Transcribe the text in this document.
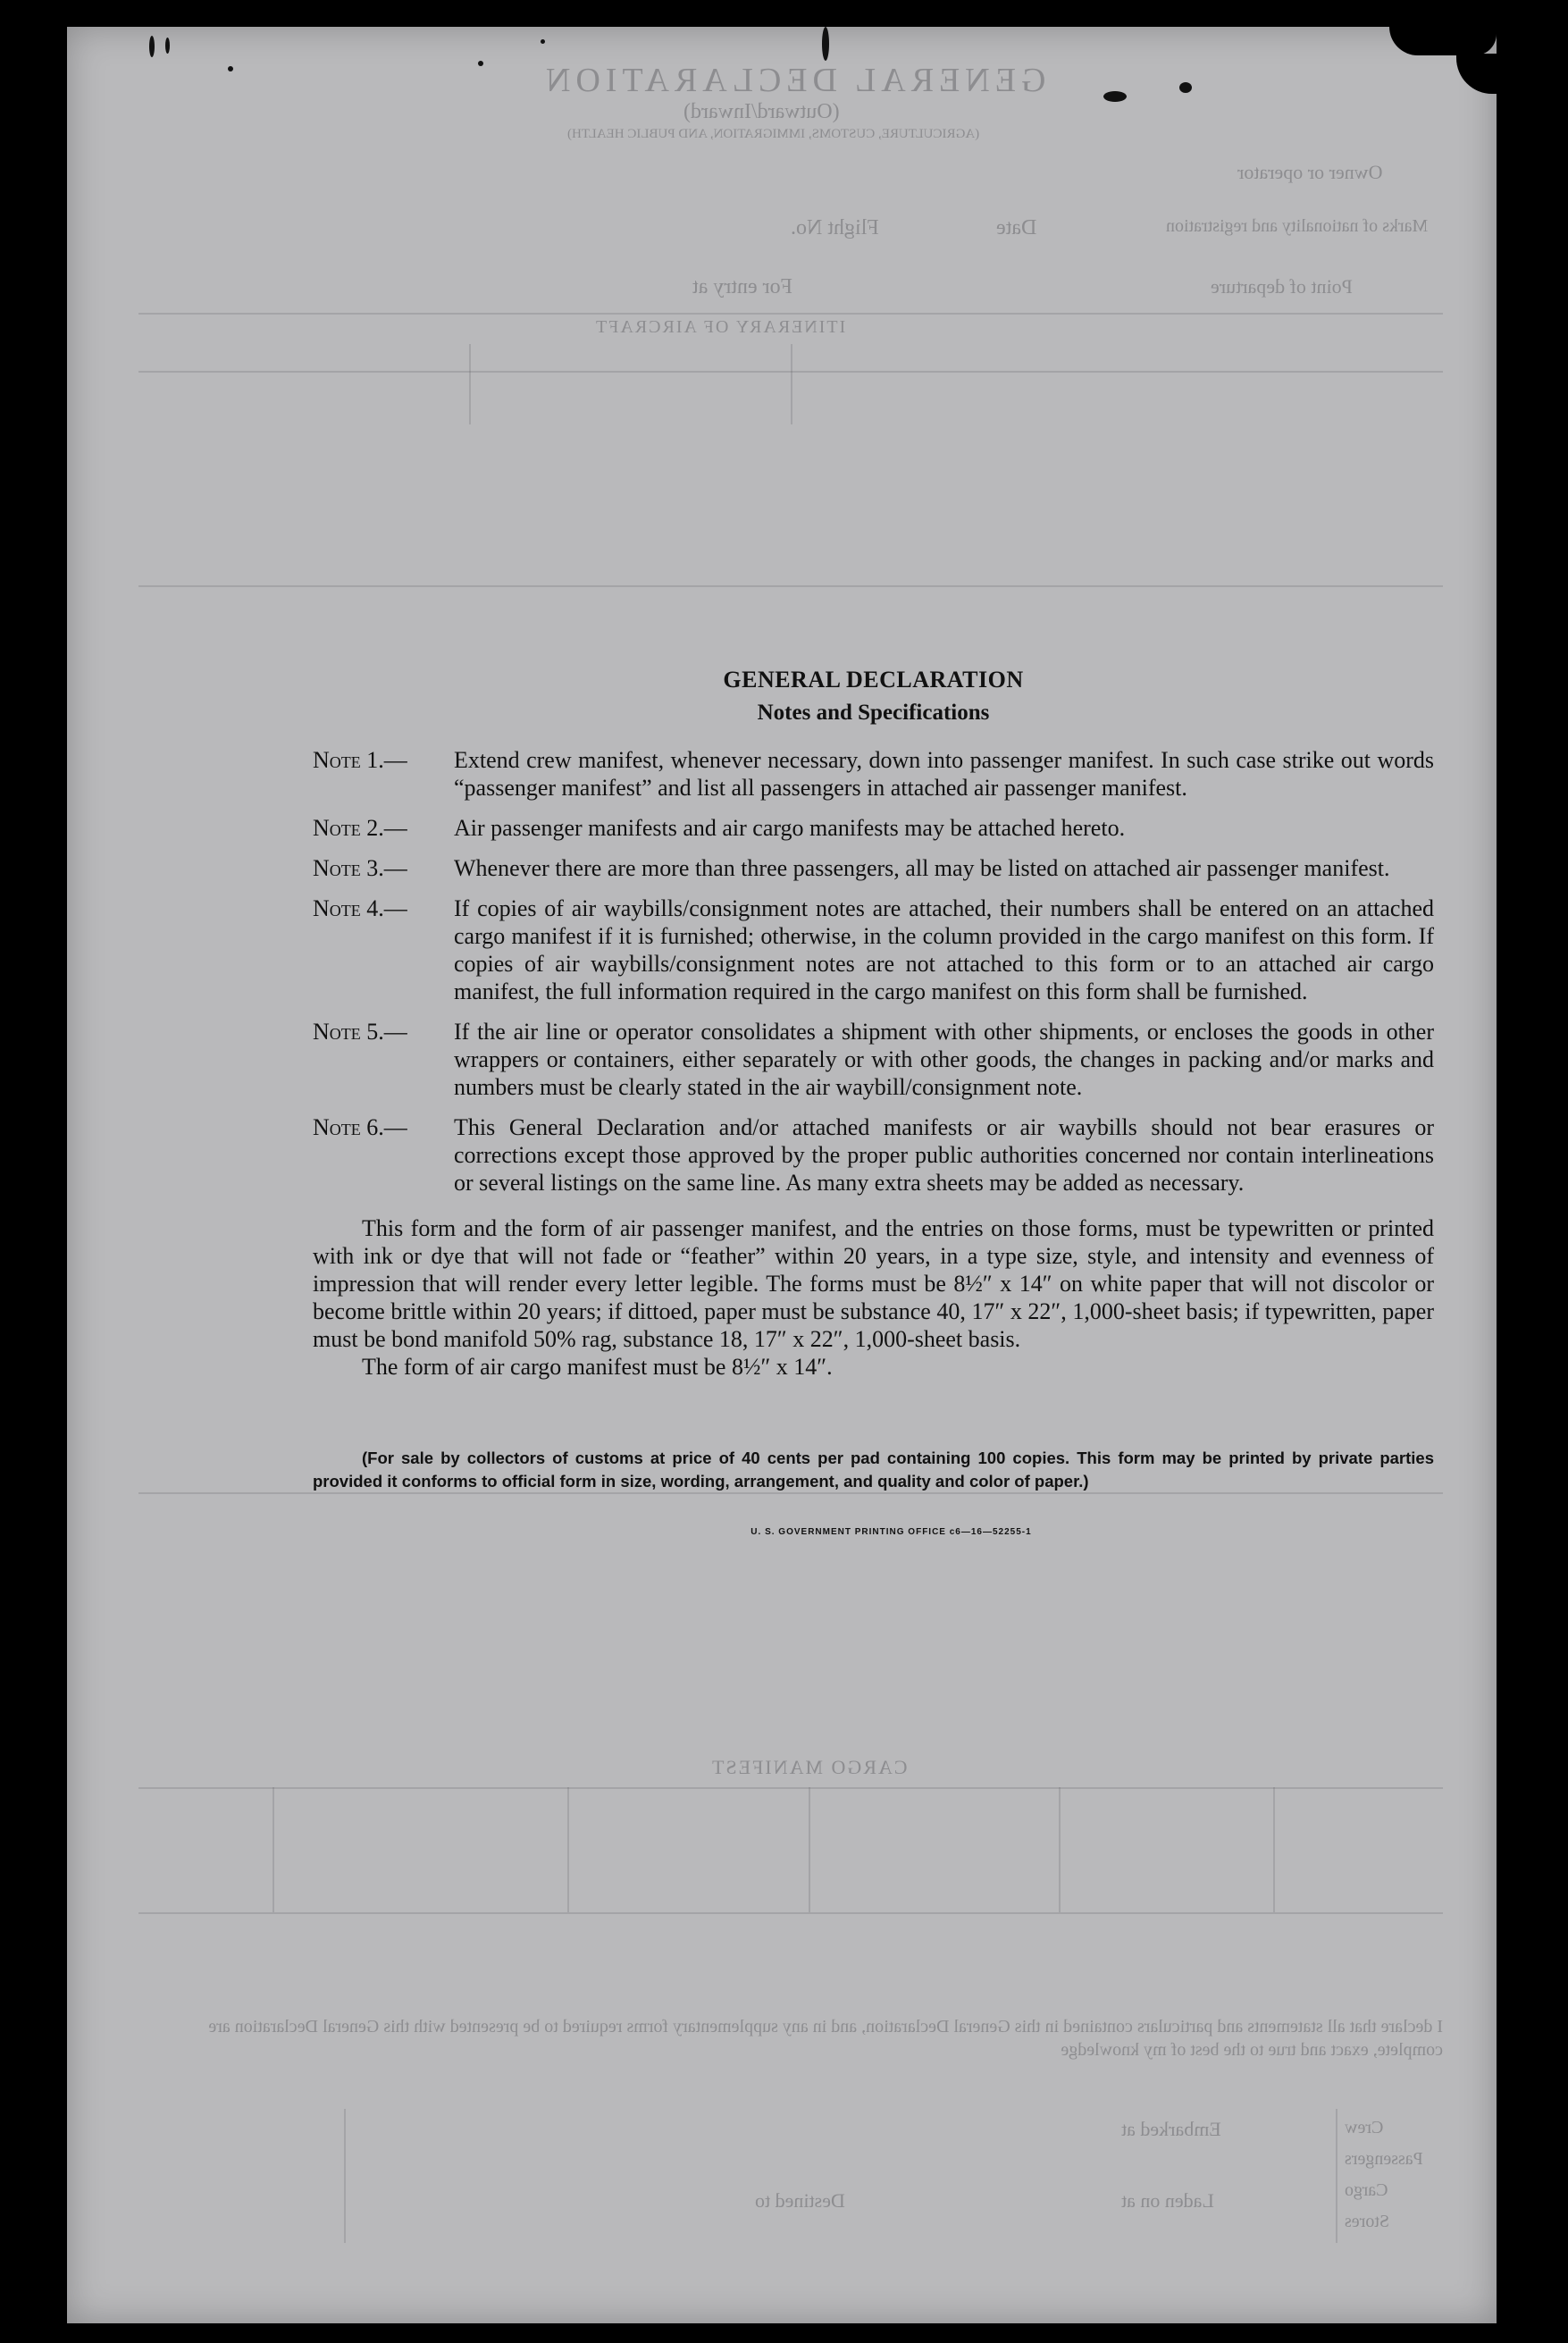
GENERAL DECLARATION
(Outward/Inward)
(AGRICULTURE, CUSTOMS, IMMIGRATION, AND PUBLIC HEALTH)
Owner or operator
Flight No.	Date	Marks of nationality and registration
Point of departure
For entry at
ITINERARY OF AIRCRAFT
CARGO MANIFEST
I declare that all statements and particulars contained in this General Declaration, and in any supplementary forms required to be presented with this General Declaration are complete, exact and true to the best of my knowledge
Embarked at
Destined to	Laden on at
Crew
Passengers
Cargo
Stores
GENERAL DECLARATION
Notes and Specifications
Note 1.—	Extend crew manifest, whenever necessary, down into passenger manifest. In such case strike out words “passenger manifest” and list all passengers in attached air passenger manifest.
Note 2.—	Air passenger manifests and air cargo manifests may be attached hereto.
Note 3.—	Whenever there are more than three passengers, all may be listed on attached air passenger manifest.
Note 4.—	If copies of air waybills/consignment notes are attached, their numbers shall be entered on an attached cargo manifest if it is furnished; otherwise, in the column provided in the cargo manifest on this form. If copies of air waybills/consignment notes are not attached to this form or to an attached air cargo manifest, the full information required in the cargo manifest on this form shall be furnished.
Note 5.—	If the air line or operator consolidates a shipment with other shipments, or encloses the goods in other wrappers or containers, either separately or with other goods, the changes in packing and/or marks and numbers must be clearly stated in the air waybill/consignment note.
Note 6.—	This General Declaration and/or attached manifests or air waybills should not bear erasures or corrections except those approved by the proper public authorities concerned nor contain interlineations or several listings on the same line. As many extra sheets may be added as necessary.
This form and the form of air passenger manifest, and the entries on those forms, must be typewritten or printed with ink or dye that will not fade or “feather” within 20 years, in a type size, style, and intensity and evenness of impression that will render every letter legible. The forms must be 8½″ x 14″ on white paper that will not discolor or become brittle within 20 years; if dittoed, paper must be substance 40, 17″ x 22″, 1,000-sheet basis; if typewritten, paper must be bond manifold 50% rag, substance 18, 17″ x 22″, 1,000-sheet basis.
The form of air cargo manifest must be 8½″ x 14″.
(For sale by collectors of customs at price of 40 cents per pad containing 100 copies. This form may be printed by private parties provided it conforms to official form in size, wording, arrangement, and quality and color of paper.)
U. S. GOVERNMENT PRINTING OFFICE c6—16—52255-1
